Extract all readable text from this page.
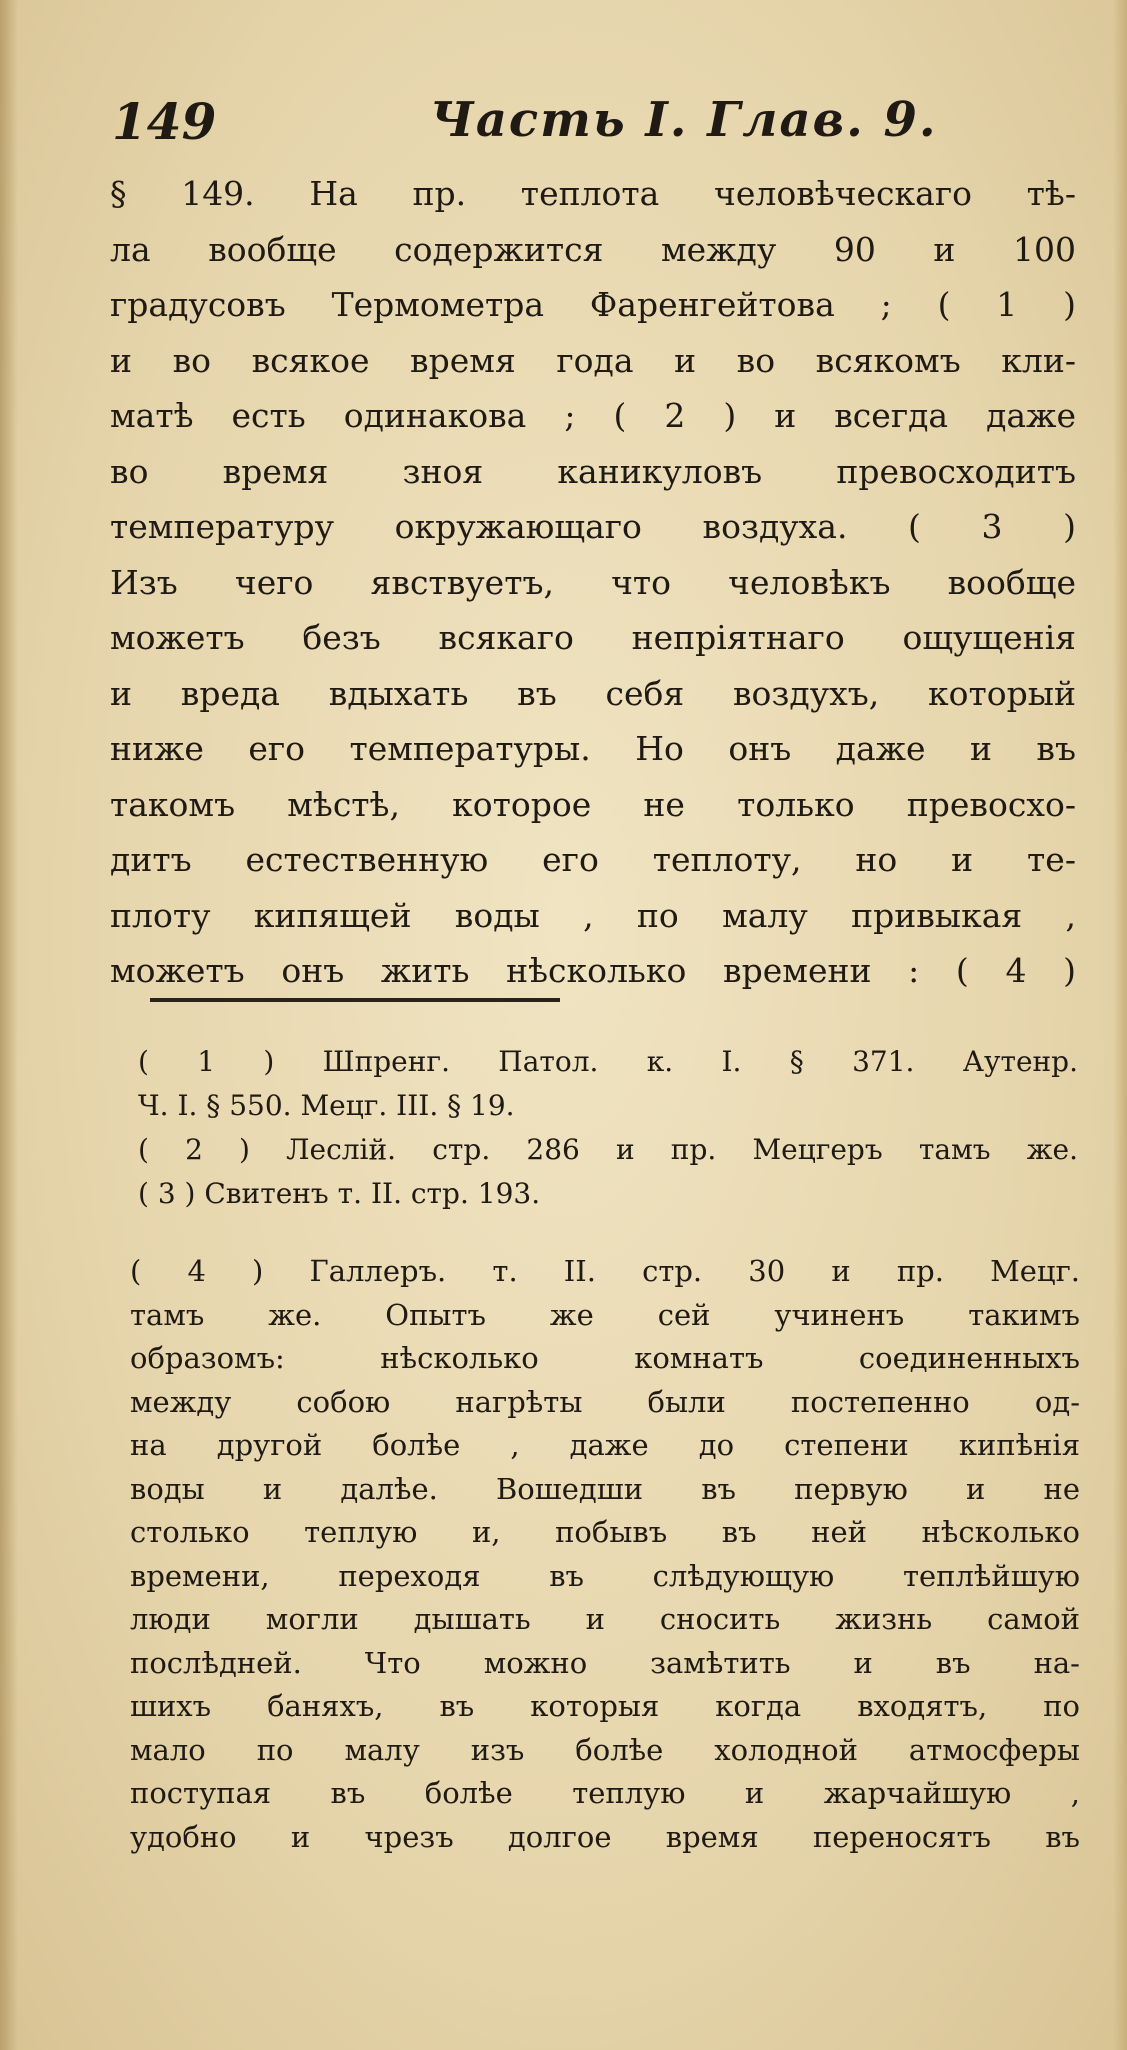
149	Часть I. Глав. 9.
§ 149. На пр. теплота человѣческаго тѣ-
ла вообще содержится между 90 и 100
градусовъ Термометра Фаренгейтова ; ( 1 )
и во всякое время года и во всякомъ кли-
матѣ есть одинакова ; ( 2 ) и всегда даже
во время зноя каникуловъ превосходитъ
температуру окружающаго воздуха. ( 3 )
Изъ чего явствуетъ, что человѣкъ вообще
можетъ безъ всякаго непріятнаго ощущенія
и вреда вдыхать въ себя воздухъ, который
ниже его температуры. Но онъ даже и въ
такомъ мѣстѣ, которое не только превосхо-
дитъ естественную его теплоту, но и те-
плоту кипящей воды , по малу привыкая ,
можетъ онъ жить нѣсколько времени : ( 4 )
( 1 ) Шпренг. Патол. к. I. § 371. Аутенр.
Ч. I. § 550. Мецг. III. § 19.
( 2 ) Леслій. стр. 286 и пр. Мецгеръ тамъ же.
( 3 ) Свитенъ т. II. стр. 193.
( 4 ) Галлеръ. т. II. стр. 30 и пр. Мецг.
тамъ же. Опытъ же сей учиненъ такимъ
образомъ: нѣсколько комнатъ соединенныхъ
между собою нагрѣты были постепенно од-
на другой болѣе , даже до степени кипѣнія
воды и далѣе. Вошедши въ первую и не
столько теплую и, побывъ въ ней нѣсколько
времени, переходя въ слѣдующую теплѣйшую
люди могли дышать и сносить жизнь самой
послѣдней. Что можно замѣтить и въ на-
шихъ баняхъ, въ которыя когда входятъ, по
мало по малу изъ болѣе холодной атмосферы
поступая въ болѣе теплую и жарчайшую ,
удобно и чрезъ долгое время переносятъ въ
